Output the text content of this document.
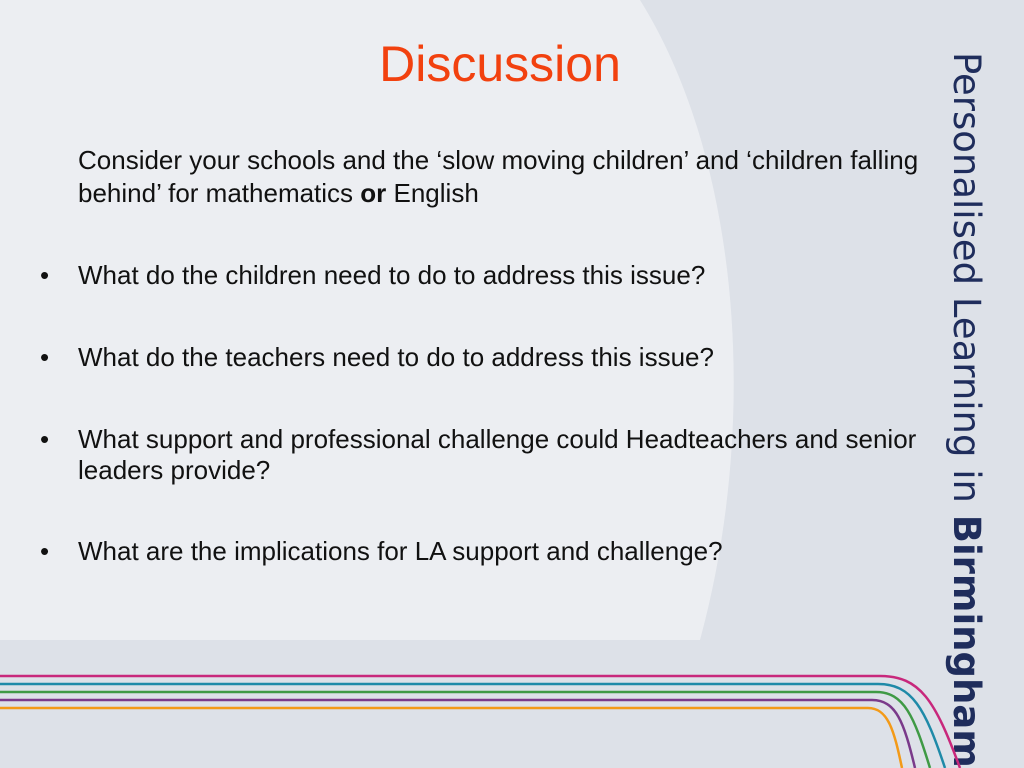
Discussion
Consider your schools and the ‘slow moving children’ and ‘children falling behind’ for mathematics or English
•	What do the children need to do to address this issue?
•	What do the teachers need to do to address this issue?
•	What support and professional challenge could Headteachers and senior leaders provide?
•	What are the implications for LA support and challenge?
Personalised Learning in Birmingham
